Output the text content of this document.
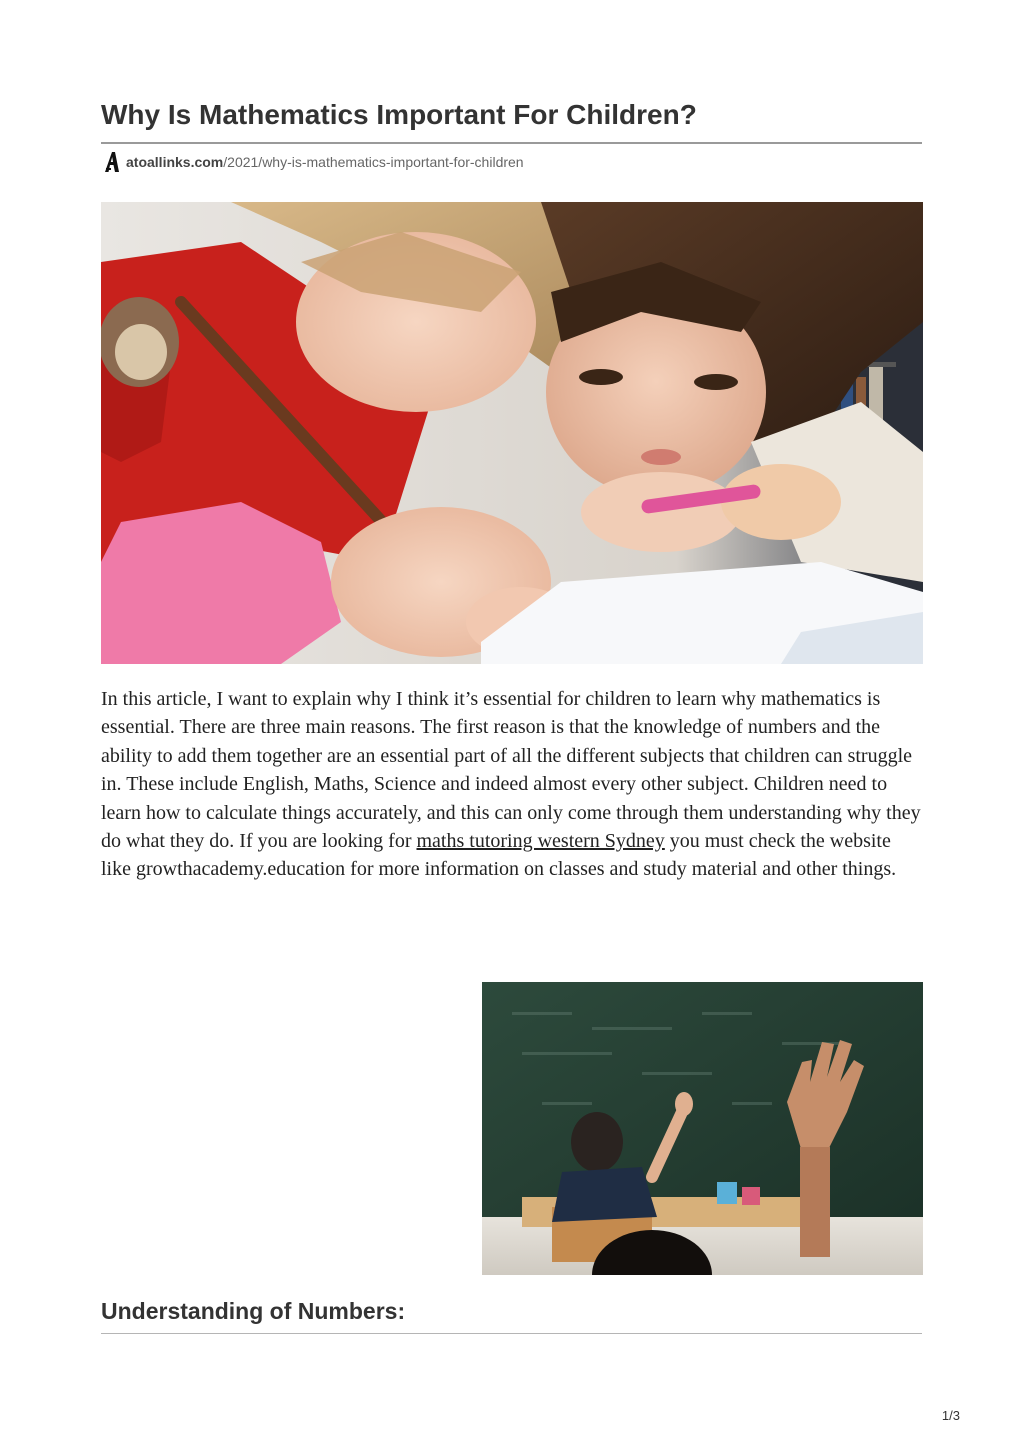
Why Is Mathematics Important For Children?
atoallinks.com /2021/why-is-mathematics-important-for-children

In this article, I want to explain why I think it’s essential for children to learn why mathematics is essential. There are three main reasons. The first reason is that the knowledge of numbers and the ability to add them together are an essential part of all the different subjects that children can struggle in. These include English, Maths, Science and indeed almost every other subject. Children need to learn how to calculate things accurately, and this can only come through them understanding why they do what they do. If you are looking for maths tutoring western Sydney you must check the website like growthacademy.education for more information on classes and study material and other things.

Understanding of Numbers:
1/3
